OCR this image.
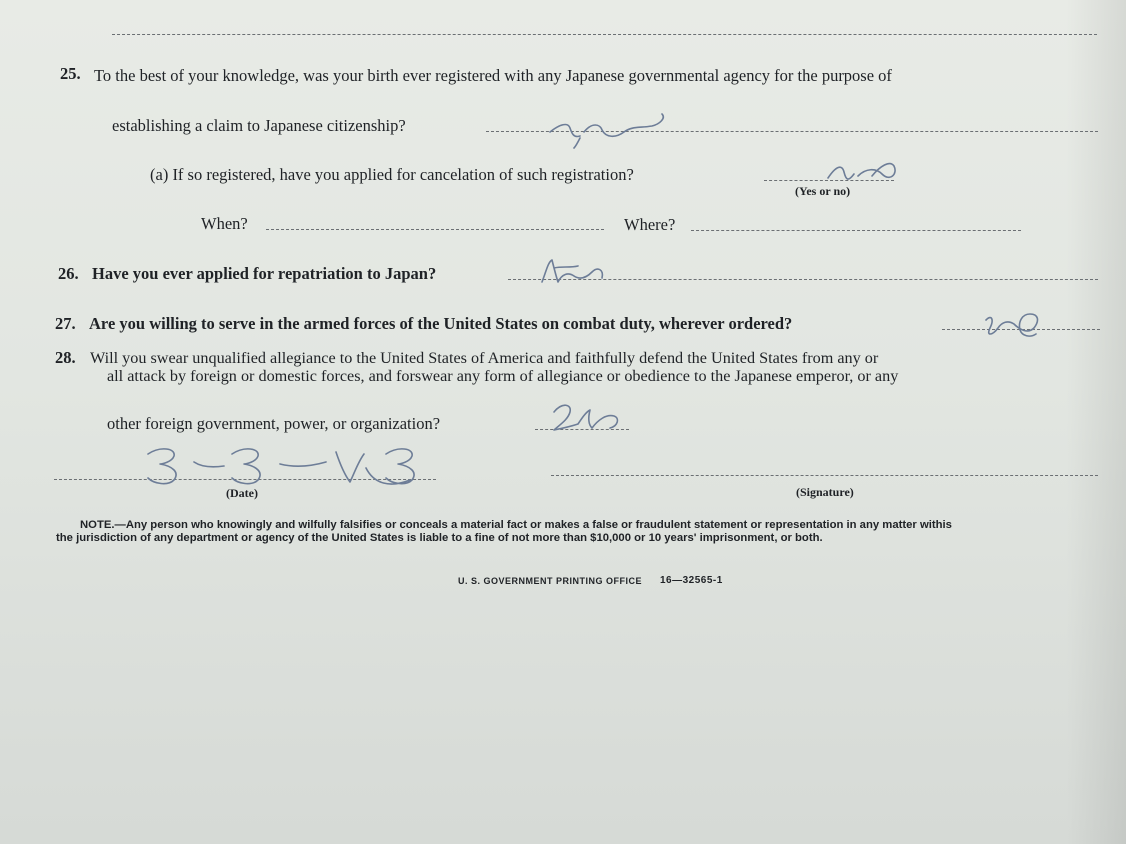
25. To the best of your knowledge, was your birth ever registered with any Japanese governmental agency for the purpose of
establishing a claim to Japanese citizenship?
(a) If so registered, have you applied for cancelation of such registration?
(Yes or no)
When?	Where?
26. Have you ever applied for repatriation to Japan?
27. Are you willing to serve in the armed forces of the United States on combat duty, wherever ordered?
28. Will you swear unqualified allegiance to the United States of America and faithfully defend the United States from any or
all attack by foreign or domestic forces, and forswear any form of allegiance or obedience to the Japanese emperor, or any
other foreign government, power, or organization?
(Date)	(Signature)
NOTE.—Any person who knowingly and wilfully falsifies or conceals a material fact or makes a false or fraudulent statement or representation in any matter withis
the jurisdiction of any department or agency of the United States is liable to a fine of not more than $10,000 or 10 years' imprisonment, or both.
U. S. GOVERNMENT PRINTING OFFICE 16—32565-1
